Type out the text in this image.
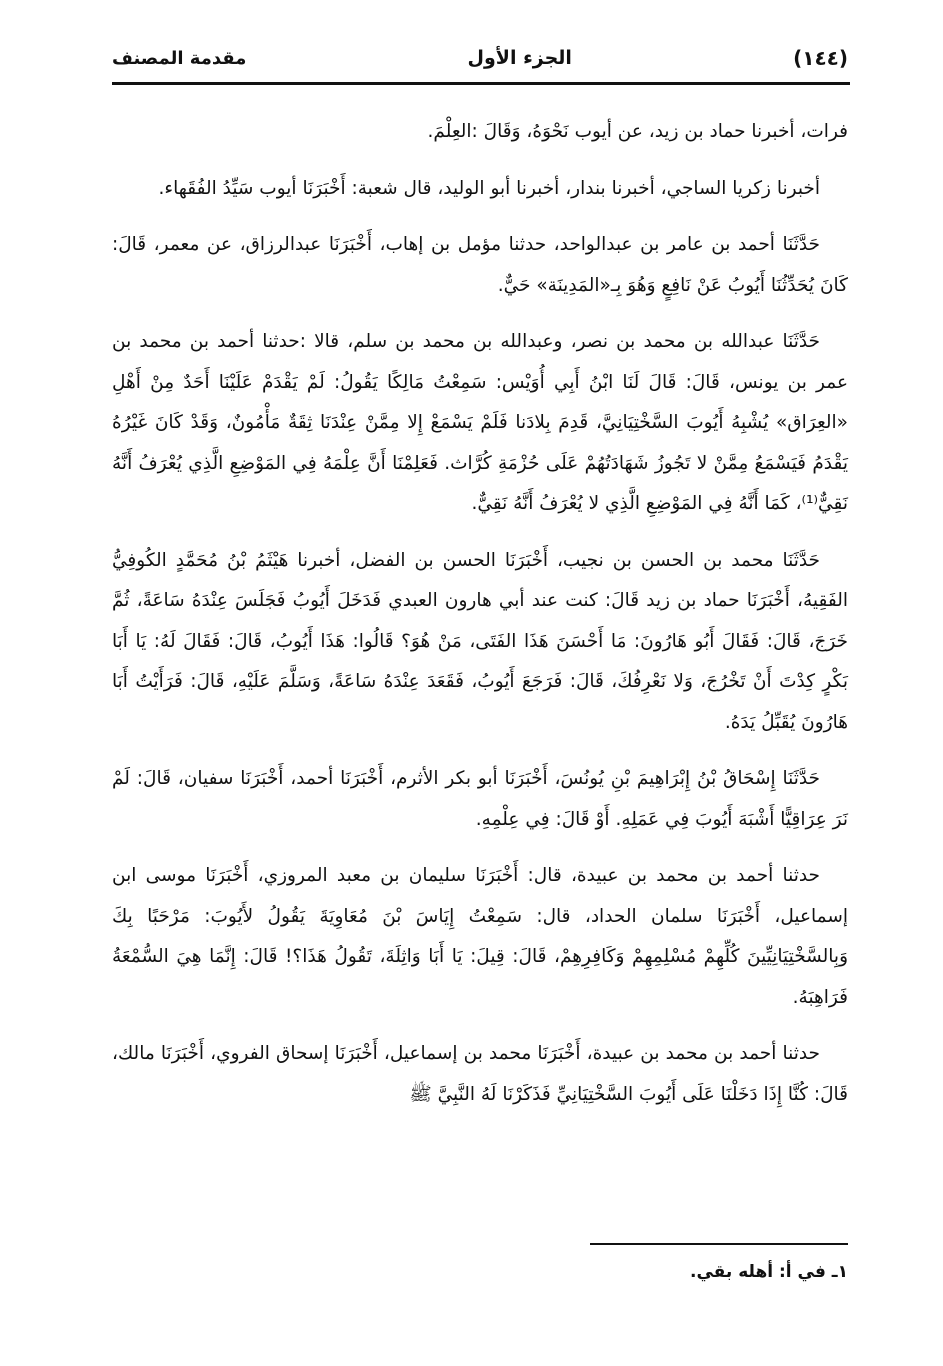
(١٤٤)
الجزء الأول
مقدمة المصنف

فرات، أخبرنا حماد بن زيد، عن أيوب نَحْوَهُ، وَقَالَ :العِلْمَ.

أخبرنا زكريا الساجي، أخبرنا بندار، أخبرنا أبو الوليد، قال شعبة: أَخْبَرَنَا أيوب سَيِّدُ الفُقَهاء.

حَدَّثَنَا أحمد بن عامر بن عبدالواحد، حدثنا مؤمل بن إهاب، أَخْبَرَنَا عبدالرزاق، عن معمر، قَالَ: كَانَ يُحَدِّثُنَا أَيُوبُ عَنْ نَافِعٍ وَهُوَ بِـ«المَدِينَة» حَيٌّ.

حَدَّثَنَا عبدالله بن محمد بن نصر، وعبدالله بن محمد بن سلم، قالا :حدثنا أحمد بن محمد بن عمر بن يونس، قَالَ: قَالَ لَنَا ابْنُ أَبِي أُوَيْس: سَمِعْتُ مَالِكًا يَقُولُ: لَمْ يَقْدَمْ عَلَيْنَا أَحَدٌ مِنْ أَهْلِ «العِرَاق» يُشْبِهُ أَيُوبَ السَّخْتِيَانِيَّ، قَدِمَ بِلادَنا فَلَمْ يَسْمَعْ إِلا مِمَّنْ عِنْدَنَا ثِقَةٌ مَأْمُونٌ، وَقَدْ كَانَ غَيْرُهُ يَقْدَمُ فَيَسْمَعُ مِمَّنْ لا تَجُوزُ شَهَادَتُهُمْ عَلَى حُزْمَةِ كُرَّاث. فَعَلِمْنَا أَنَّ عِلْمَهُ فِي المَوْضِعِ الَّذِي يُعْرَفُ أَنَّهُ نَقِيٌّ⁽¹⁾، كَمَا أَنَّهُ فِي المَوْضِعِ الَّذِي لا يُعْرَفُ أَنَّهُ نَقِيٌّ.

حَدَّثَنَا محمد بن الحسن بن نجيب، أَخْبَرَنَا الحسن بن الفضل، أخبرنا هَيْثَمُ بْنُ مُحَمَّدٍ الكُوفِيُّ الفَقِيهُ، أَخْبَرَنَا حماد بن زيد قَالَ: كنت عند أبي هارون العبدي فَدَخَلَ أَيُوبُ فَجَلَسَ عِنْدَهُ سَاعَةً، ثُمَّ خَرَجَ، قَالَ: فَقَالَ أَبُو هَارُونَ: مَا أَحْسَنَ هَذَا الفَتَى، مَنْ هُوَ؟ قَالُوا: هَذَا أَيُوبُ، قَالَ: فَقَالَ لَهُ: يَا أَبَا بَكْرٍ كِدْتَ أَنْ تَخْرُجَ، وَلا نَعْرِفُكَ، قَالَ: فَرَجَعَ أَيُوبُ، فَقَعَدَ عِنْدَهُ سَاعَةً، وَسَلَّمَ عَلَيْهِ، قَالَ: فَرَأَيْتُ أَبَا هَارُونَ يُقَبِّلُ يَدَهُ.

حَدَّثَنَا إِسْحَاقُ بْنُ إِبْرَاهِيمَ بْنِ يُونُسَ، أَخْبَرَنَا أبو بكر الأثرم، أَخْبَرَنَا أحمد، أَخْبَرَنَا سفيان، قَالَ: لَمْ نَرَ عِرَاقِيًّا أَشْبَهَ أَيُوبَ فِي عَمَلِهِ. أَوْ قَالَ: فِي عِلْمِهِ.

حدثنا أحمد بن محمد بن عبيدة، قال: أَخْبَرَنَا سليمان بن معبد المروزي، أَخْبَرَنَا موسى ابن إسماعيل، أَخْبَرَنَا سلمان الحداد، قال: سَمِعْتُ إِيَاسَ بْنَ مُعَاوِيَةَ يَقُولُ لأَيُوبَ: مَرْحَبًا بِكَ وَبِالسَّخْتِيَانِيِّينَ كُلِّهِمْ مُسْلِمِهِمْ وَكَافِرِهِمْ، قَالَ: قِيلَ: يَا أَبَا وَاثِلَةَ، تَقُولُ هَذَا؟! قَالَ: إِنَّمَا هِيَ السُّمْعَةُ فَرَاهِبَهُ.

حدثنا أحمد بن محمد بن عبيدة، أَخْبَرَنَا محمد بن إسماعيل، أَخْبَرَنَا إسحاق الفروي، أَخْبَرَنَا مالك، قَالَ: كُنَّا إِذَا دَخَلْنَا عَلَى أَيُوبَ السَّخْتِيَانِيِّ فَذَكَرْنَا لَهُ النَّبِيَّ ﷺ

١ـ في أ: أهله بقي.
